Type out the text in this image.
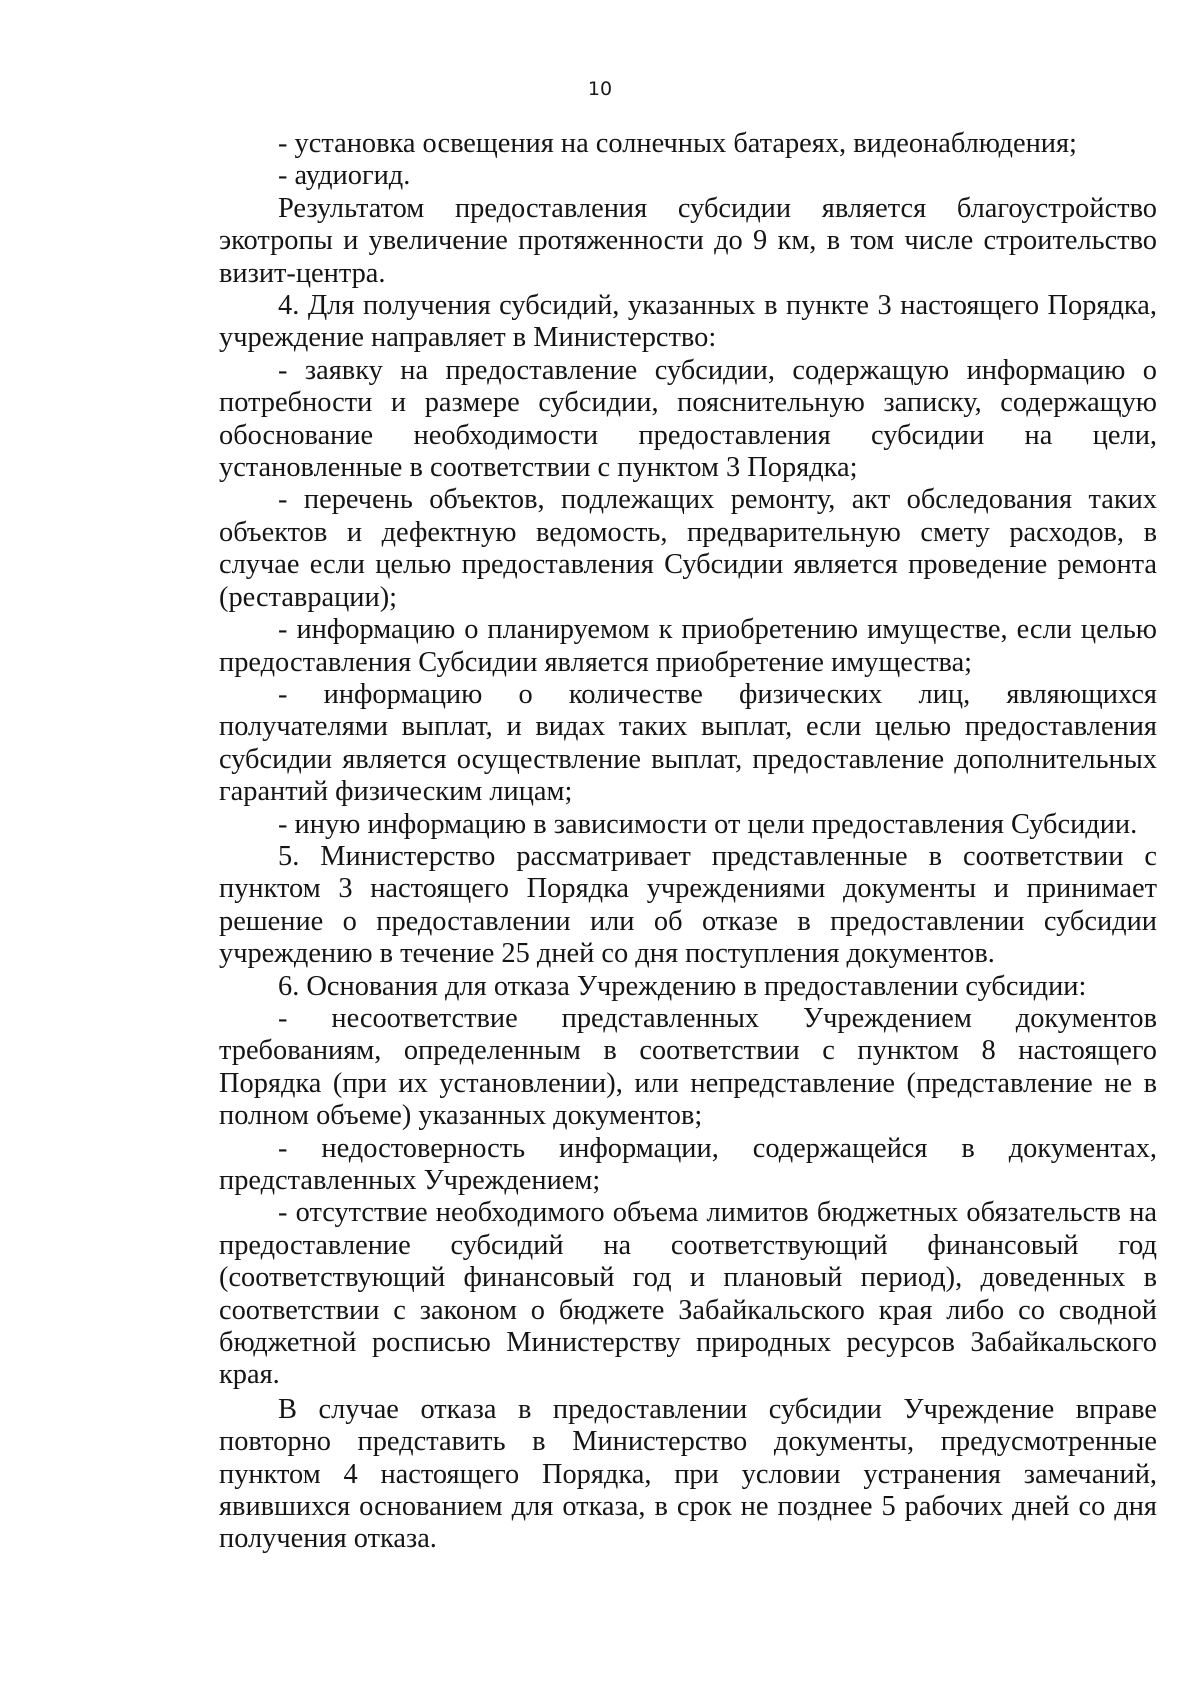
10

- установка освещения на солнечных батареях, видеонаблюдения;

- аудиогид.

Результатом предоставления субсидии является благоустройство экотропы и увеличение протяженности до 9 км, в том числе строительство визит-центра.

4. Для получения субсидий, указанных в пункте 3 настоящего Порядка, учреждение направляет в Министерство:

- заявку на предоставление субсидии, содержащую информацию о потребности и размере субсидии, пояснительную записку, содержащую обоснование необходимости предоставления субсидии на цели, установленные в соответствии с пунктом 3 Порядка;

- перечень объектов, подлежащих ремонту, акт обследования таких объектов и дефектную ведомость, предварительную смету расходов, в случае если целью предоставления Субсидии является проведение ремонта (реставрации);

- информацию о планируемом к приобретению имуществе, если целью предоставления Субсидии является приобретение имущества;

- информацию о количестве физических лиц, являющихся получателями выплат, и видах таких выплат, если целью предоставления субсидии является осуществление выплат, предоставление дополнительных гарантий физическим лицам;

- иную информацию в зависимости от цели предоставления Субсидии.

5. Министерство рассматривает представленные в соответствии с пунктом 3 настоящего Порядка учреждениями документы и принимает решение о предоставлении или об отказе в предоставлении субсидии учреждению в течение 25 дней со дня поступления документов.

6. Основания для отказа Учреждению в предоставлении субсидии:

- несоответствие представленных Учреждением документов требованиям, определенным в соответствии с пунктом 8 настоящего Порядка (при их установлении), или непредставление (представление не в полном объеме) указанных документов;

- недостоверность информации, содержащейся в документах, представленных Учреждением;

- отсутствие необходимого объема лимитов бюджетных обязательств на предоставление субсидий на соответствующий финансовый год (соответствующий финансовый год и плановый период), доведенных в соответствии с законом о бюджете Забайкальского края либо со сводной бюджетной росписью Министерству природных ресурсов Забайкальского края.

В случае отказа в предоставлении субсидии Учреждение вправе повторно представить в Министерство документы, предусмотренные пунктом 4 настоящего Порядка, при условии устранения замечаний, явившихся основанием для отказа, в срок не позднее 5 рабочих дней со дня получения отказа.
